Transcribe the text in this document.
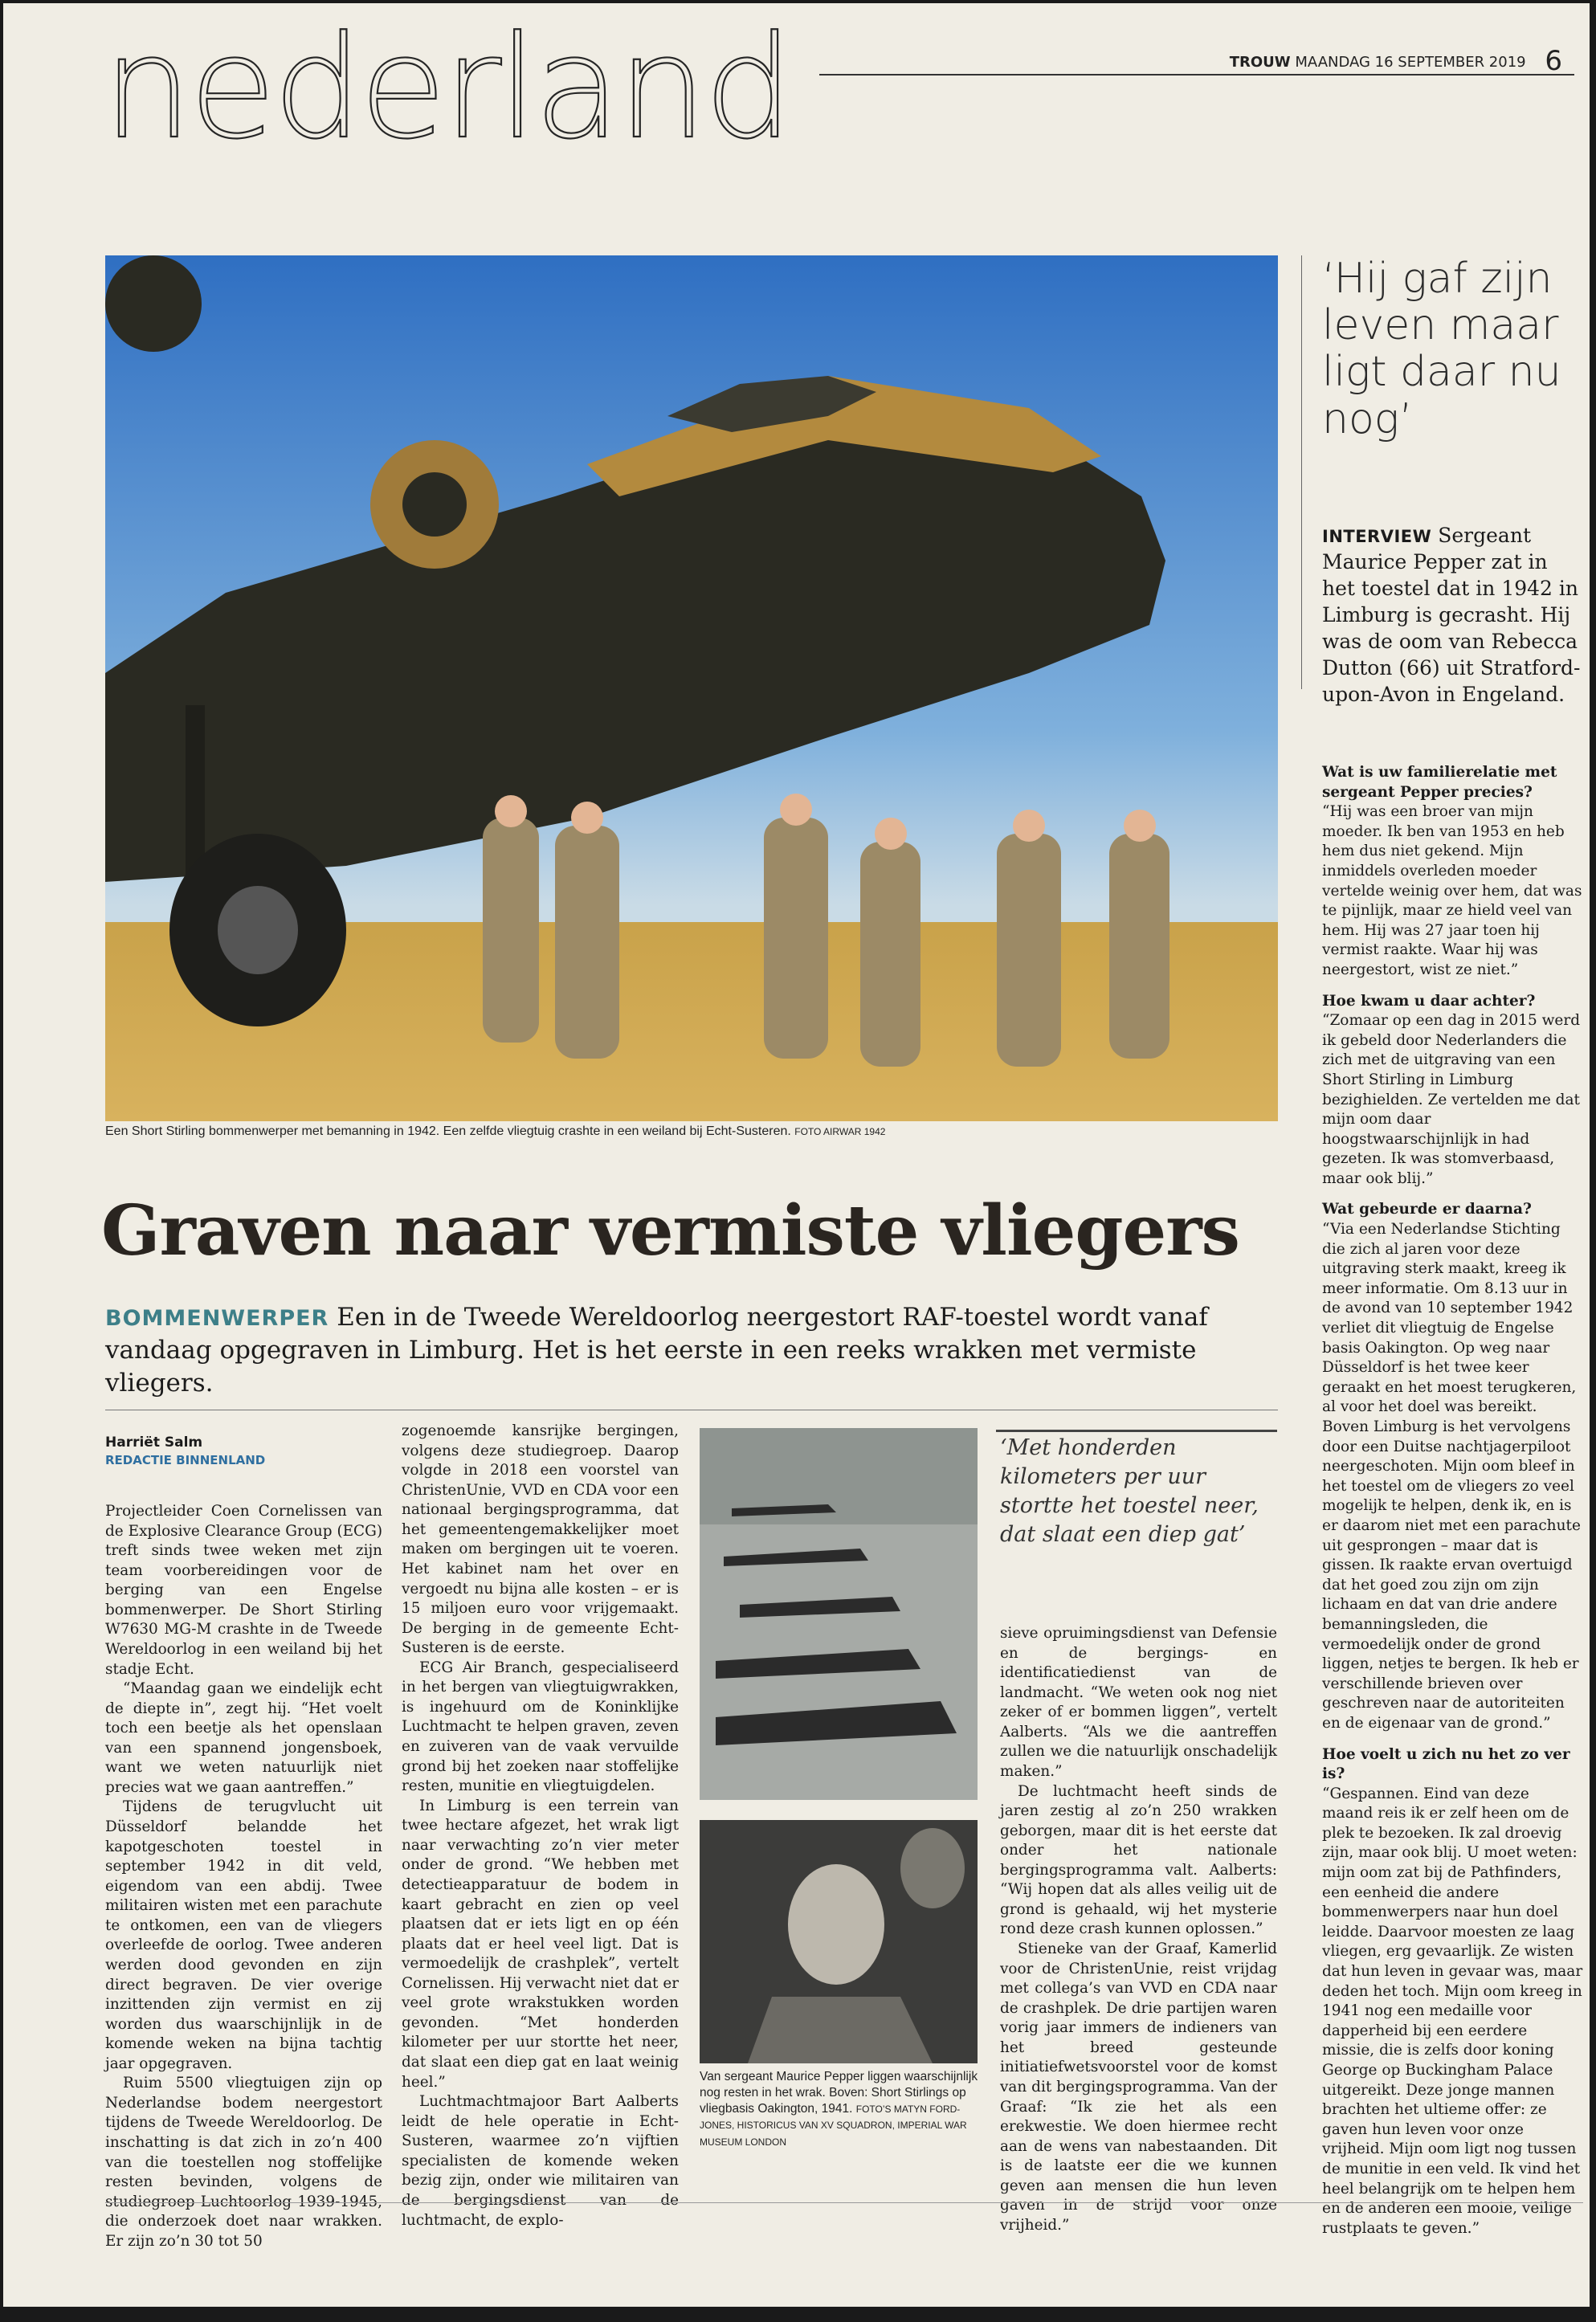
nederland	TROUW MAANDAG 16 SEPTEMBER 2019 6
Een Short Stirling bommenwerper met bemanning in 1942. Een zelfde vliegtuig crashte in een weiland bij Echt-Susteren. FOTO AIRWAR 1942
‘Hij gaf zijn leven maar ligt daar nu nog’
INTERVIEW Sergeant Maurice Pepper zat in het toestel dat in 1942 in Limburg is gecrasht. Hij was de oom van Rebecca Dutton (66) uit Stratford-upon-Avon in Engeland.

Wat is uw familierelatie met sergeant Pepper precies?
“Hij was een broer van mijn moeder. Ik ben van 1953 en heb hem dus niet gekend. Mijn inmiddels overleden moeder vertelde weinig over hem, dat was te pijnlijk, maar ze hield veel van hem. Hij was 27 jaar toen hij vermist raakte. Waar hij was neergestort, wist ze niet.”

Hoe kwam u daar achter?
“Zomaar op een dag in 2015 werd ik gebeld door Nederlanders die zich met de uitgraving van een Short Stirling in Limburg bezighielden. Ze vertelden me dat mijn oom daar hoogstwaarschijnlijk in had gezeten. Ik was stomverbaasd, maar ook blij.”

Wat gebeurde er daarna?
“Via een Nederlandse Stichting die zich al jaren voor deze uitgraving sterk maakt, kreeg ik meer informatie. Om 8.13 uur in de avond van 10 september 1942 verliet dit vliegtuig de Engelse basis Oakington. Op weg naar Düsseldorf is het twee keer geraakt en het moest terugkeren, al voor het doel was bereikt. Boven Limburg is het vervolgens door een Duitse nachtjagerpiloot neergeschoten. Mijn oom bleef in het toestel om de vliegers zo veel mogelijk te helpen, denk ik, en is er daarom niet met een parachute uit gesprongen – maar dat is gissen. Ik raakte ervan overtuigd dat het goed zou zijn om zijn lichaam en dat van drie andere bemanningsleden, die vermoedelijk onder de grond liggen, netjes te bergen. Ik heb er verschillende brieven over geschreven naar de autoriteiten en de eigenaar van de grond.”

Hoe voelt u zich nu het zo ver is?
“Gespannen. Eind van deze maand reis ik er zelf heen om de plek te bezoeken. Ik zal droevig zijn, maar ook blij. U moet weten: mijn oom zat bij de Pathfinders, een eenheid die andere bommenwerpers naar hun doel leidde. Daarvoor moesten ze laag vliegen, erg gevaarlijk. Ze wisten dat hun leven in gevaar was, maar deden het toch. Mijn oom kreeg in 1941 nog een medaille voor dapperheid bij een eerdere missie, die is zelfs door koning George op Buckingham Palace uitgereikt. Deze jonge mannen brachten het ultieme offer: ze gaven hun leven voor onze vrijheid. Mijn oom ligt nog tussen de munitie in een veld. Ik vind het heel belangrijk om te helpen hem en de anderen een mooie, veilige rustplaats te geven.”

Graven naar vermiste vliegers
BOMMENWERPER Een in de Tweede Wereldoorlog neergestort RAF-toestel wordt vanaf vandaag opgegraven in Limburg. Het is het eerste in een reeks wrakken met vermiste vliegers.
Harriët Salm
REDACTIE BINNENLAND

Projectleider Coen Cornelissen van de Explosive Clearance Group (ECG) treft sinds twee weken met zijn team voorbereidingen voor de berging van een Engelse bommenwerper. De Short Stirling W7630 MG-M crashte in de Tweede Wereldoorlog in een weiland bij het stadje Echt.

“Maandag gaan we eindelijk echt de diepte in”, zegt hij. “Het voelt toch een beetje als het openslaan van een spannend jongensboek, want we weten natuurlijk niet precies wat we gaan aantreffen.”

Tijdens de terugvlucht uit Düsseldorf belandde het kapotgeschoten toestel in september 1942 in dit veld, eigendom van een abdij. Twee militairen wisten met een parachute te ontkomen, een van de vliegers overleefde de oorlog. Twee anderen werden dood gevonden en zijn direct begraven. De vier overige inzittenden zijn vermist en zij worden dus waarschijnlijk in de komende weken na bijna tachtig jaar opgegraven.

Ruim 5500 vliegtuigen zijn op Nederlandse bodem neergestort tijdens de Tweede Wereldoorlog. De inschatting is dat zich in zo’n 400 van die toestellen nog stoffelijke resten bevinden, volgens de studiegroep Luchtoorlog 1939-1945, die onderzoek doet naar wrakken. Er zijn zo’n 30 tot 50

zogenoemde kansrijke bergingen, volgens deze studiegroep. Daarop volgde in 2018 een voorstel van ChristenUnie, VVD en CDA voor een nationaal bergingsprogramma, dat het gemeentengemakkelijker moet maken om bergingen uit te voeren. Het kabinet nam het over en vergoedt nu bijna alle kosten – er is 15 miljoen euro voor vrijgemaakt. De berging in de gemeente Echt-Susteren is de eerste.

ECG Air Branch, gespecialiseerd in het bergen van vliegtuigwrakken, is ingehuurd om de Koninklijke Luchtmacht te helpen graven, zeven en zuiveren van de vaak vervuilde grond bij het zoeken naar stoffelijke resten, munitie en vliegtuigdelen.

In Limburg is een terrein van twee hectare afgezet, het wrak ligt naar verwachting zo’n vier meter onder de grond. “We hebben met detectieapparatuur de bodem in kaart gebracht en zien op veel plaatsen dat er iets ligt en op één plaats dat er heel veel ligt. Dat is vermoedelijk de crashplek”, vertelt Cornelissen. Hij verwacht niet dat er veel grote wrakstukken worden gevonden. “Met honderden kilometer per uur stortte het neer, dat slaat een diep gat en laat weinig heel.”

Luchtmachtmajoor Bart Aalberts leidt de hele operatie in Echt-Susteren, waarmee zo’n vijftien specialisten de komende weken bezig zijn, onder wie militairen van de bergingsdienst van de luchtmacht, de explo-

Van sergeant Maurice Pepper liggen waarschijnlijk nog resten in het wrak. Boven: Short Stirlings op vliegbasis Oakington, 1941. FOTO’S MATYN FORD-JONES, HISTORICUS VAN XV SQUADRON, IMPERIAL WAR MUSEUM LONDON
‘Met honderden kilometers per uur stortte het toestel neer, dat slaat een diep gat’

sieve opruimingsdienst van Defensie en de bergings- en identificatiedienst van de landmacht. “We weten ook nog niet zeker of er bommen liggen”, vertelt Aalberts. “Als we die aantreffen zullen we die natuurlijk onschadelijk maken.”

De luchtmacht heeft sinds de jaren zestig al zo’n 250 wrakken geborgen, maar dit is het eerste dat onder het nationale bergingsprogramma valt. Aalberts: “Wij hopen dat als alles veilig uit de grond is gehaald, wij het mysterie rond deze crash kunnen oplossen.”

Stieneke van der Graaf, Kamerlid voor de ChristenUnie, reist vrijdag met collega’s van VVD en CDA naar de crashplek. De drie partijen waren vorig jaar immers de indieners van het breed gesteunde initiatiefwetsvoorstel voor de komst van dit bergingsprogramma. Van der Graaf: “Ik zie het als een erekwestie. We doen hiermee recht aan de wens van nabestaanden. Dit is de laatste eer die we kunnen geven aan mensen die hun leven gaven in de strijd voor onze vrijheid.”
